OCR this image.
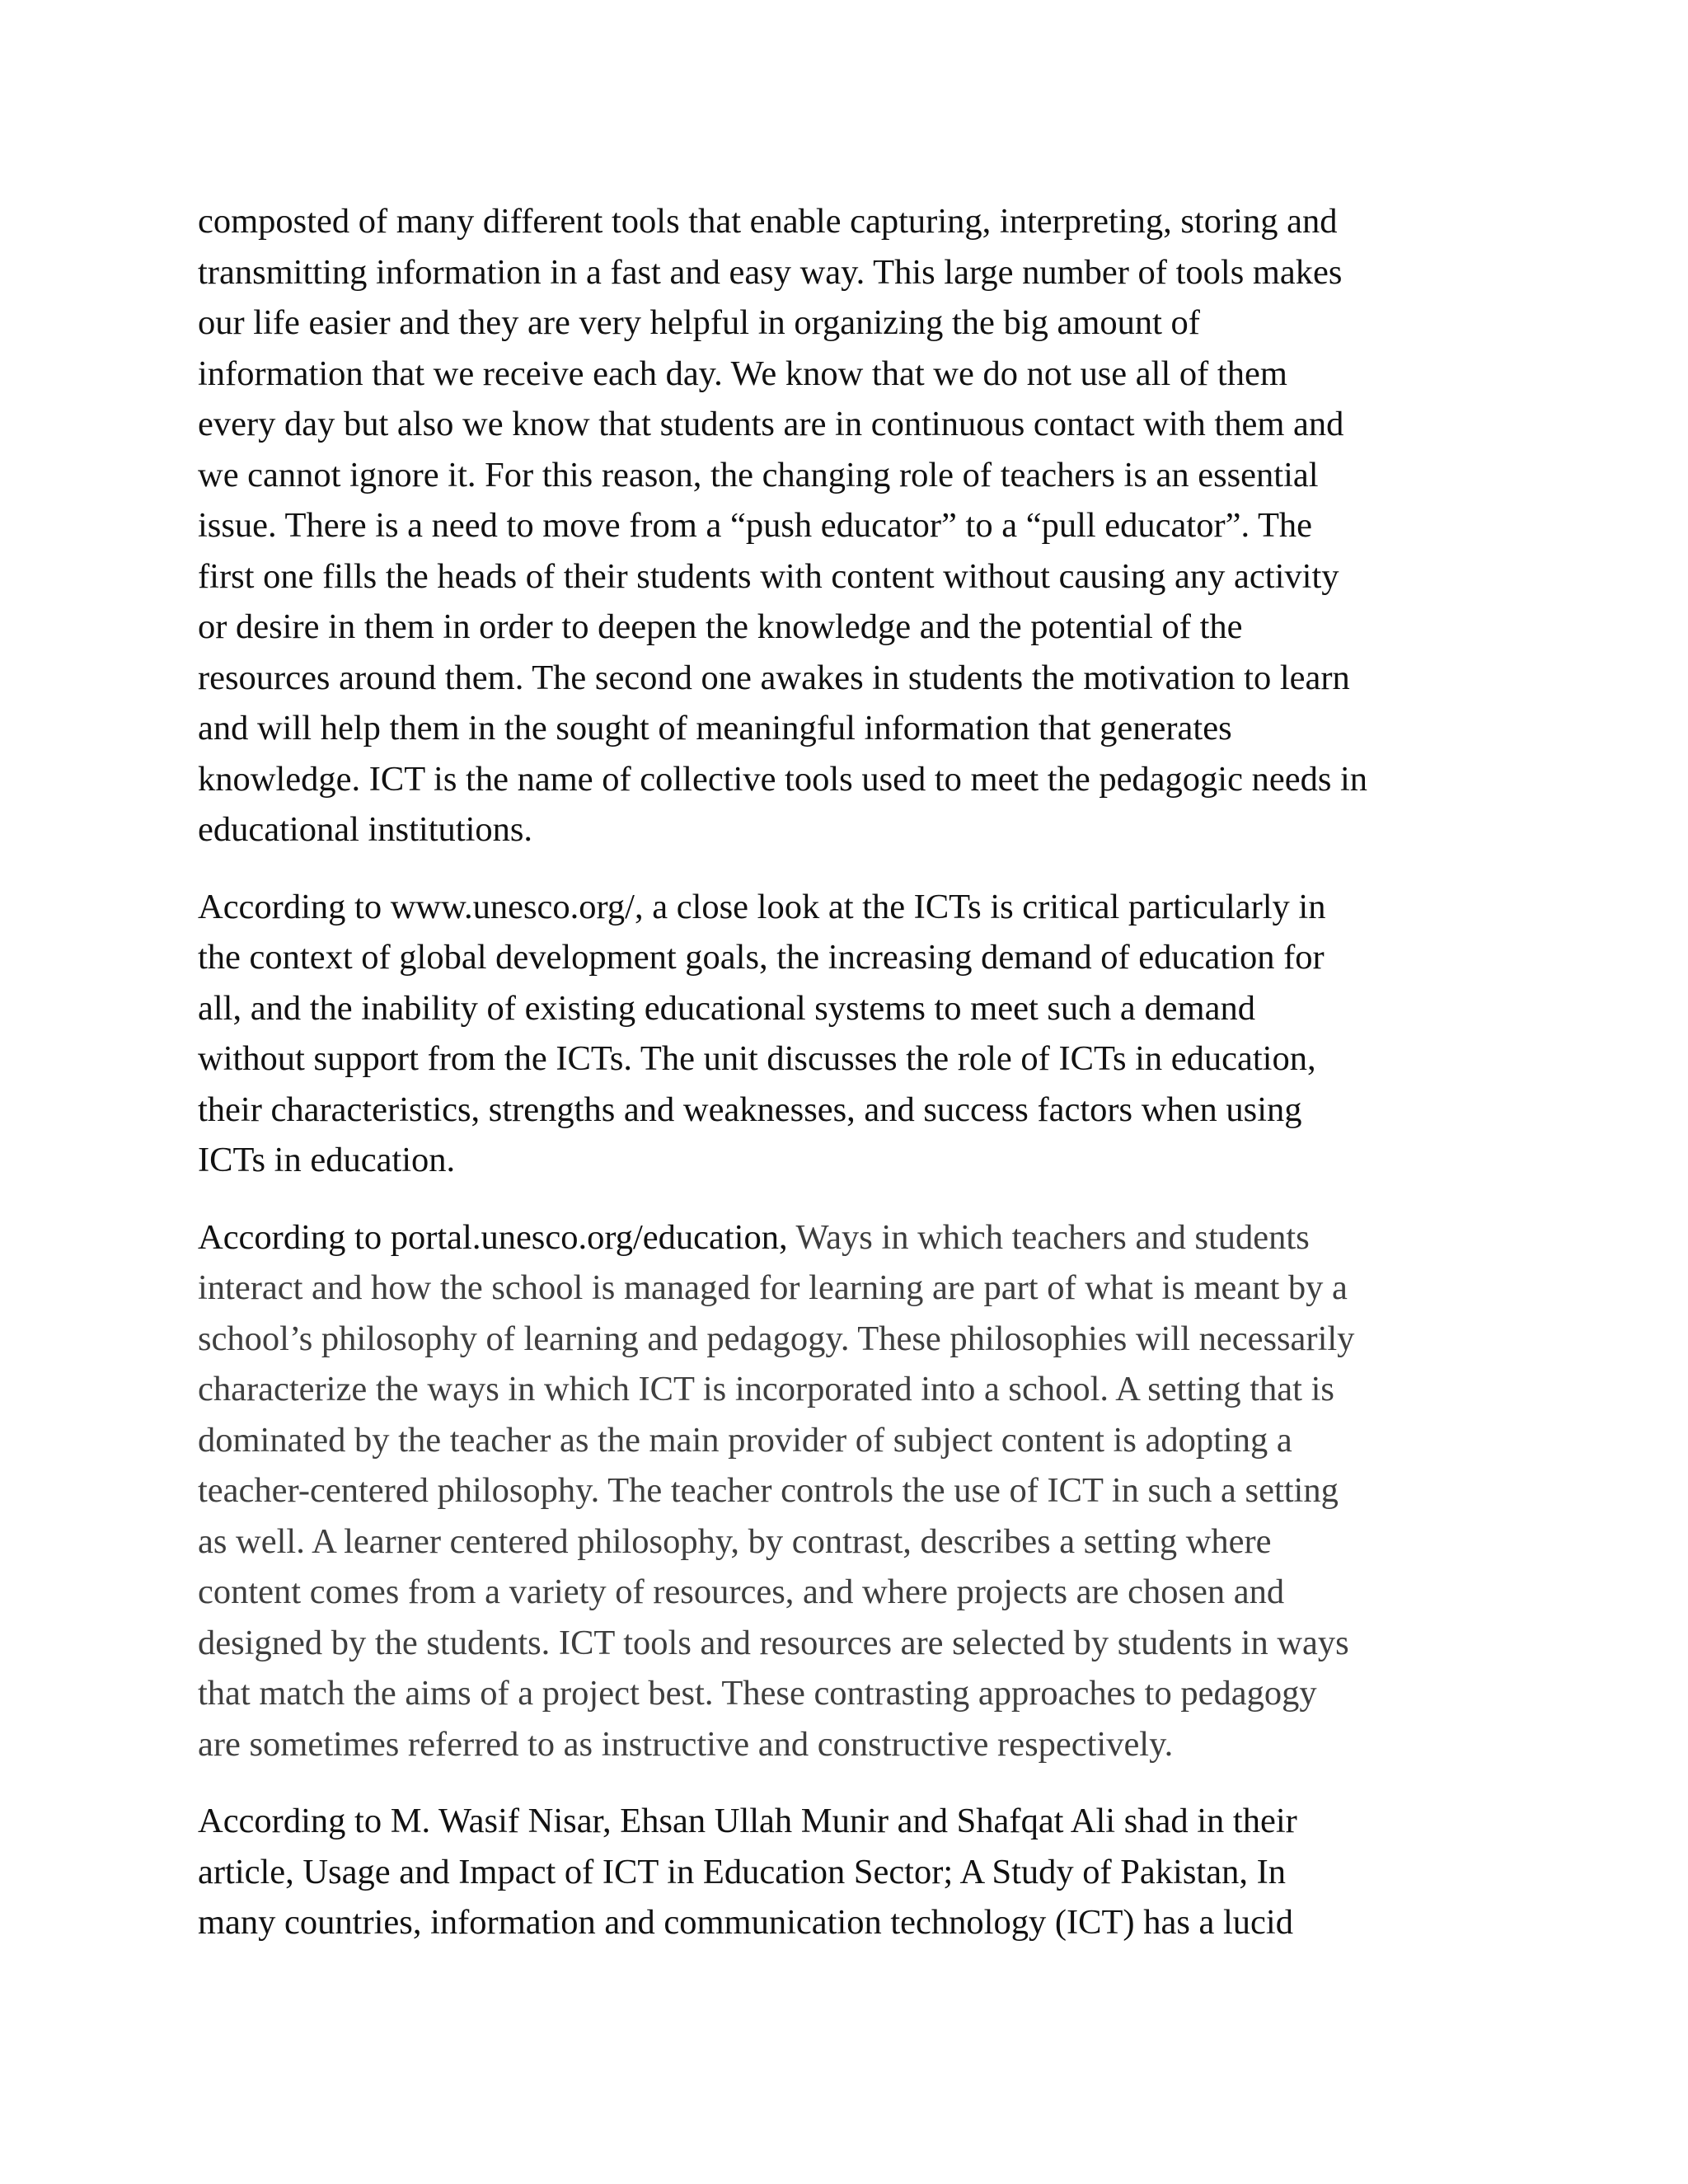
composted of many different tools that enable capturing, interpreting, storing and
transmitting information in a fast and easy way. This large number of tools makes
our life easier and they are very helpful in organizing the big amount of
information that we receive each day. We know that we do not use all of them
every day but also we know that students are in continuous contact with them and
we cannot ignore it. For this reason, the changing role of teachers is an essential
issue. There is a need to move from a “push educator” to a “pull educator”. The
first one fills the heads of their students with content without causing any activity
or desire in them in order to deepen the knowledge and the potential of the
resources around them. The second one awakes in students the motivation to learn
and will help them in the sought of meaningful information that generates
knowledge. ICT is the name of collective tools used to meet the pedagogic needs in
educational institutions.

According to www.unesco.org/, a close look at the ICTs is critical particularly in
the context of global development goals, the increasing demand of education for
all, and the inability of existing educational systems to meet such a demand
without support from the ICTs. The unit discusses the role of ICTs in education,
their characteristics, strengths and weaknesses, and success factors when using
ICTs in education.

According to portal.unesco.org/education, Ways in which teachers and students
interact and how the school is managed for learning are part of what is meant by a
school’s philosophy of learning and pedagogy. These philosophies will necessarily
characterize the ways in which ICT is incorporated into a school. A setting that is
dominated by the teacher as the main provider of subject content is adopting a
teacher-centered philosophy. The teacher controls the use of ICT in such a setting
as well. A learner centered philosophy, by contrast, describes a setting where
content comes from a variety of resources, and where projects are chosen and
designed by the students. ICT tools and resources are selected by students in ways
that match the aims of a project best. These contrasting approaches to pedagogy
are sometimes referred to as instructive and constructive respectively.

According to M. Wasif Nisar, Ehsan Ullah Munir and Shafqat Ali shad in their
article, Usage and Impact of ICT in Education Sector; A Study of Pakistan, In
many countries, information and communication technology (ICT) has a lucid
